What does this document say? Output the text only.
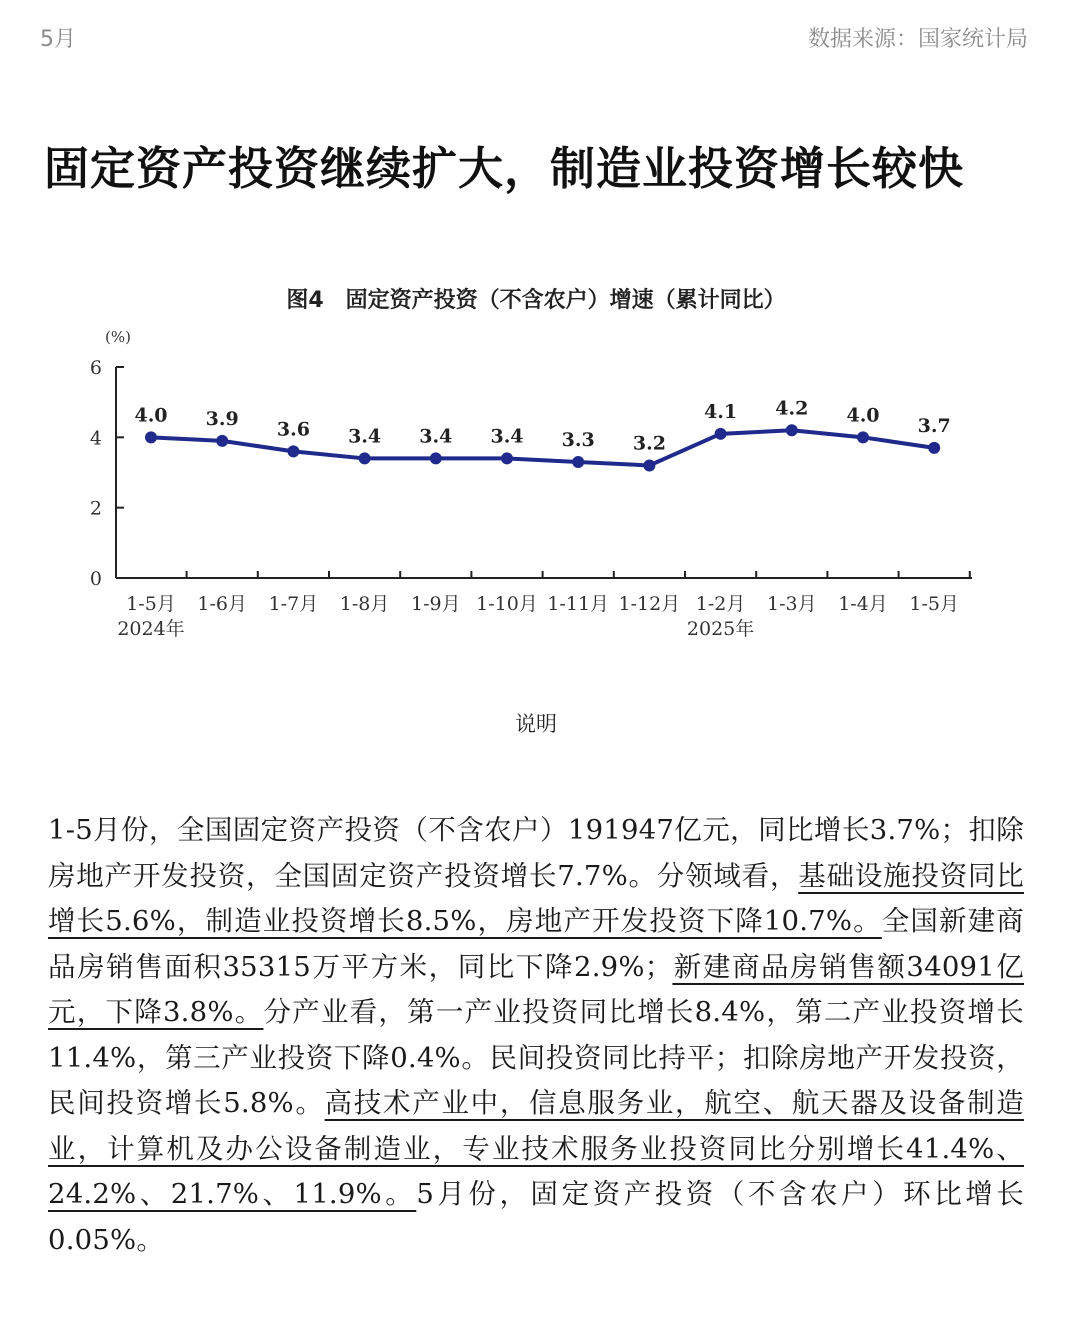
5月	数据来源：国家统计局
固定资产投资继续扩大，制造业投资增长较快
图4　固定资产投资（不含农户）增速（累计同比）
(%)
0
2
4
6
1-5月 1-6月 1-7月 1-8月 1-9月 1-10月 1-11月 1-12月 1-2月 1-3月 1-4月 1-5月
2024年	2025年
4.0 3.9 3.6 3.4 3.4 3.4 3.3 3.2
4.1 4.2 4.0 3.7
说明
1-5月份，全国固定资产投资（不含农户）191947亿元，同比增长3.7%；扣除房地产开发投资，全国固定资产投资增长7.7%。分领域看，基础设施投资同比增长5.6%，制造业投资增长8.5%，房地产开发投资下降10.7%。全国新建商品房销售面积35315万平方米，同比下降2.9%；新建商品房销售额34091亿元，下降3.8%。分产业看，第一产业投资同比增长8.4%，第二产业投资增长11.4%，第三产业投资下降0.4%。民间投资同比持平；扣除房地产开发投资，民间投资增长5.8%。高技术产业中，信息服务业，航空、航天器及设备制造业，计算机及办公设备制造业，专业技术服务业投资同比分别增长41.4%、24.2%、21.7%、11.9%。5月份，固定资产投资（不含农户）环比增长0.05%。
